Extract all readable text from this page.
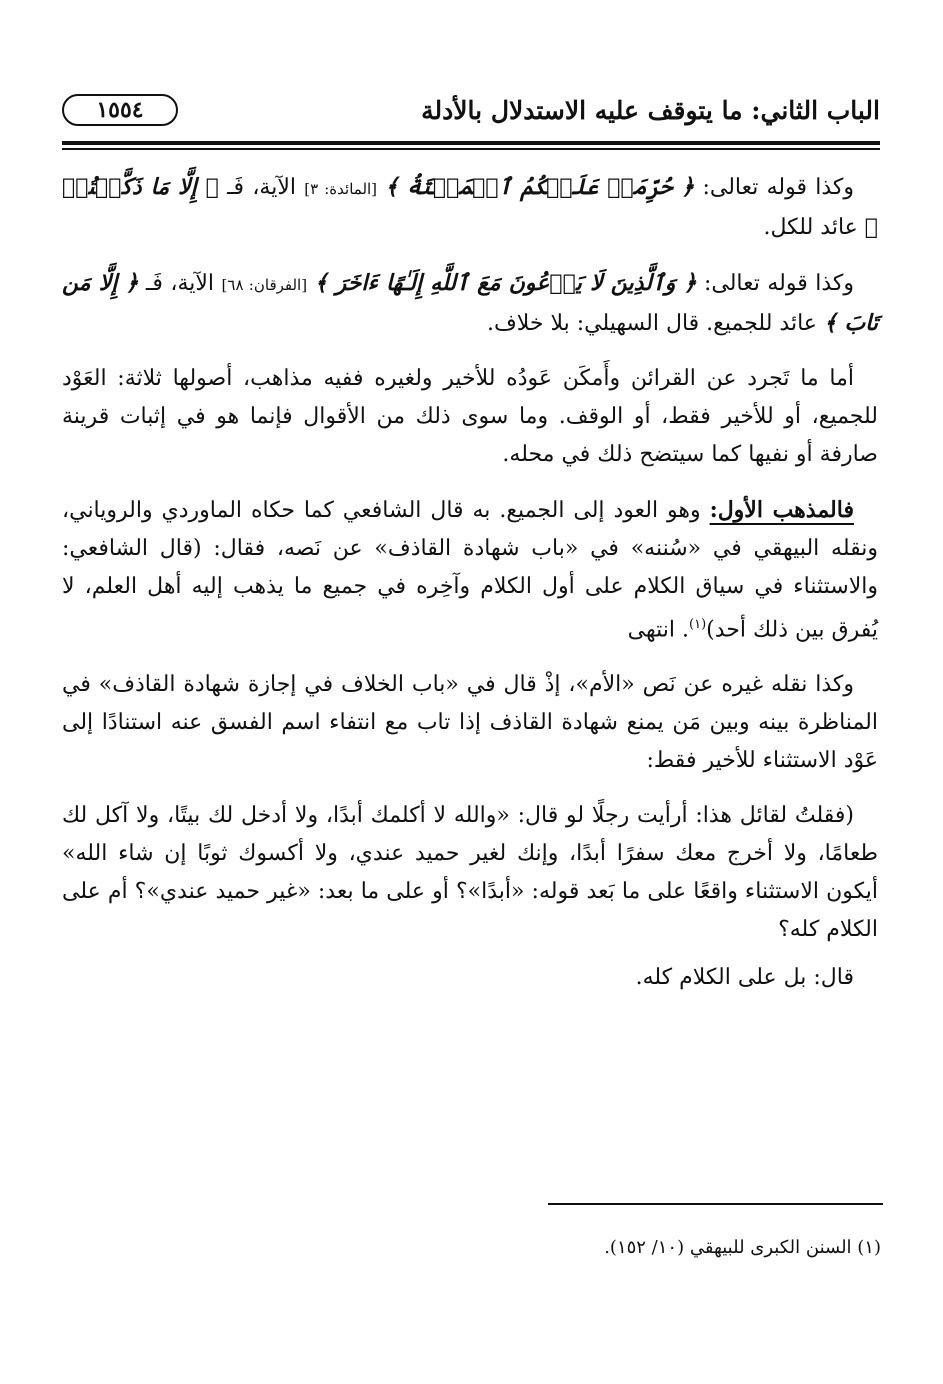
١٥٥٤	الباب الثاني: ما يتوقف عليه الاستدلال بالأدلة

وكذا قوله تعالى: ﴿ حُرِّمَتۡ عَلَيۡكُمُ ٱلۡمَيۡتَةُ ﴾ [المائدة: ٣] الآية، فَـ ﴿ إِلَّا مَا ذَكَّيۡتُمۡ ﴾ عائد للكل.

وكذا قوله تعالى: ﴿ وَٱلَّذِينَ لَا يَدۡعُونَ مَعَ ٱللَّهِ إِلَـٰهًا ءَاخَرَ ﴾ [الفرقان: ٦٨] الآية، فَـ ﴿ إِلَّا مَن تَابَ ﴾ عائد للجميع. قال السهيلي: بلا خلاف.

أما ما تَجرد عن القرائن وأَمكَن عَودُه للأخير ولغيره ففيه مذاهب، أصولها ثلاثة: العَوْد للجميع، أو للأخير فقط، أو الوقف. وما سوى ذلك من الأقوال فإنما هو في إثبات قرينة صارفة أو نفيها كما سيتضح ذلك في محله.

فالمذهب الأول: وهو العود إلى الجميع. به قال الشافعي كما حكاه الماوردي والروياني، ونقله البيهقي في «سُننه» في «باب شهادة القاذف» عن نَصه، فقال: (قال الشافعي: والاستثناء في سياق الكلام على أول الكلام وآخِره في جميع ما يذهب إليه أهل العلم، لا يُفرق بين ذلك أحد)$^{(١)}$. انتهى

وكذا نقله غيره عن نَص «الأم»، إذْ قال في «باب الخلاف في إجازة شهادة القاذف» في المناظرة بينه وبين مَن يمنع شهادة القاذف إذا تاب مع انتفاء اسم الفسق عنه استنادًا إلى عَوْد الاستثناء للأخير فقط:

(فقلتُ لقائل هذا: أرأيت رجلًا لو قال: «والله لا أكلمك أبدًا، ولا أدخل لك بيتًا، ولا آكل لك طعامًا، ولا أخرج معك سفرًا أبدًا، وإنك لغير حميد عندي، ولا أكسوك ثوبًا إن شاء الله» أيكون الاستثناء واقعًا على ما بَعد قوله: «أبدًا»؟ أو على ما بعد: «غير حميد عندي»؟ أم على الكلام كله؟

قال: بل على الكلام كله.

(١) السنن الكبرى للبيهقي (١٠/ ١٥٢).
